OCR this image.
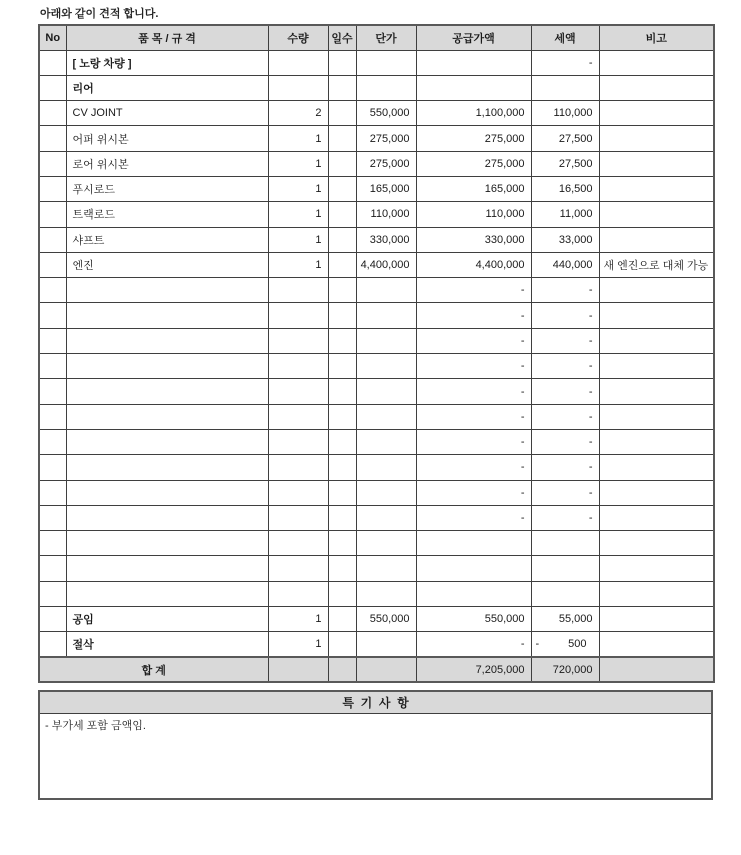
아래와 같이 견적 합니다.
No	품 목 / 규 격	수량	일수	단가	공급가액	세액	비고
	[ 노랑 차량 ]					-	
	리어						
	CV JOINT	2		550,000	1,100,000	110,000	
	어퍼 위시본	1		275,000	275,000	27,500	
	로어 위시본	1		275,000	275,000	27,500	
	푸시로드	1		165,000	165,000	16,500	
	트랙로드	1		110,000	110,000	11,000	
	샤프트	1		330,000	330,000	33,000	
	엔진	1		4,400,000	4,400,000	440,000	새 엔진으로 대체 가능
					-	-	
					-	-	
					-	-	
					-	-	
					-	-	
					-	-	
					-	-	
					-	-	
					-	-	
					-	-	

	공임	1		550,000	550,000	55,000	
	절삭	1			-	- 500	

합 계					7,205,000	720,000	
특  기  사  항
- 부가세 포함 금액임.
